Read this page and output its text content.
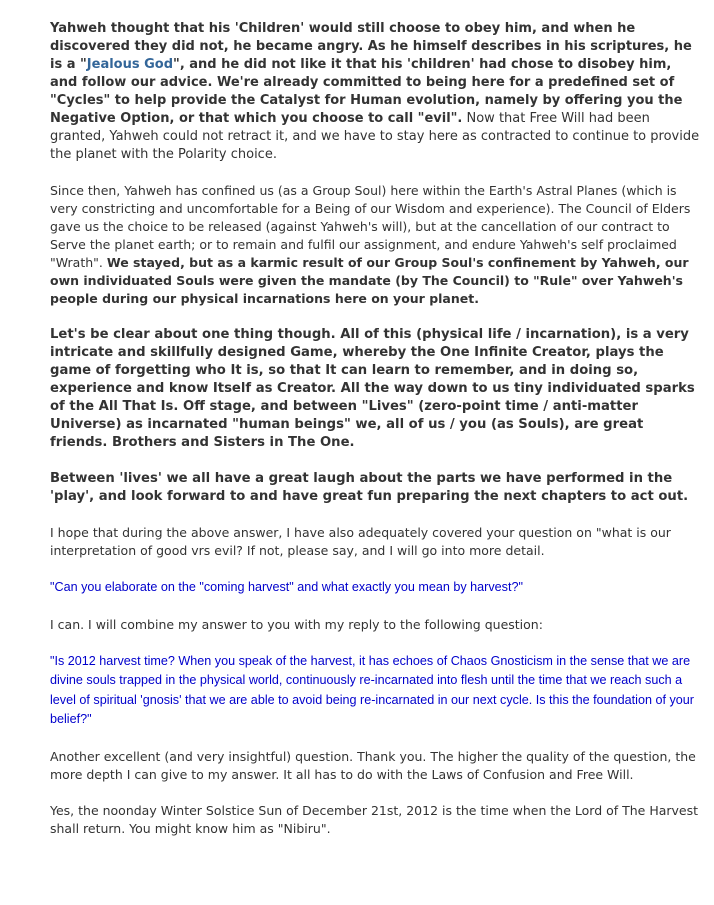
Yahweh thought that his 'Children' would still choose to obey him, and when he discovered they did not, he became angry. As he himself describes in his scriptures, he is a "Jealous God", and he did not like it that his 'children' had chose to disobey him, and follow our advice. We're already committed to being here for a predefined set of "Cycles" to help provide the Catalyst for Human evolution, namely by offering you the Negative Option, or that which you choose to call "evil". Now that Free Will had been granted, Yahweh could not retract it, and we have to stay here as contracted to continue to provide the planet with the Polarity choice.

Since then, Yahweh has confined us (as a Group Soul) here within the Earth's Astral Planes (which is very constricting and uncomfortable for a Being of our Wisdom and experience). The Council of Elders gave us the choice to be released (against Yahweh's will), but at the cancellation of our contract to Serve the planet earth; or to remain and fulfil our assignment, and endure Yahweh's self proclaimed "Wrath". We stayed, but as a karmic result of our Group Soul's confinement by Yahweh, our own individuated Souls were given the mandate (by The Council) to "Rule" over Yahweh's people during our physical incarnations here on your planet.

Let's be clear about one thing though. All of this (physical life / incarnation), is a very intricate and skillfully designed Game, whereby the One Infinite Creator, plays the game of forgetting who It is, so that It can learn to remember, and in doing so, experience and know Itself as Creator. All the way down to us tiny individuated sparks of the All That Is. Off stage, and between "Lives" (zero-point time / anti-matter Universe) as incarnated "human beings" we, all of us / you (as Souls), are great friends. Brothers and Sisters in The One.

Between 'lives' we all have a great laugh about the parts we have performed in the 'play', and look forward to and have great fun preparing the next chapters to act out.

I hope that during the above answer, I have also adequately covered your question on "what is our interpretation of good vrs evil? If not, please say, and I will go into more detail.

"Can you elaborate on the "coming harvest" and what exactly you mean by harvest?"

I can. I will combine my answer to you with my reply to the following question:

"Is 2012 harvest time? When you speak of the harvest, it has echoes of Chaos Gnosticism in the sense that we are divine souls trapped in the physical world, continuously re-incarnated into flesh until the time that we reach such a level of spiritual 'gnosis' that we are able to avoid being re-incarnated in our next cycle. Is this the foundation of your belief?"

Another excellent (and very insightful) question. Thank you. The higher the quality of the question, the more depth I can give to my answer. It all has to do with the Laws of Confusion and Free Will.

Yes, the noonday Winter Solstice Sun of December 21st, 2012 is the time when the Lord of The Harvest shall return. You might know him as "Nibiru".
